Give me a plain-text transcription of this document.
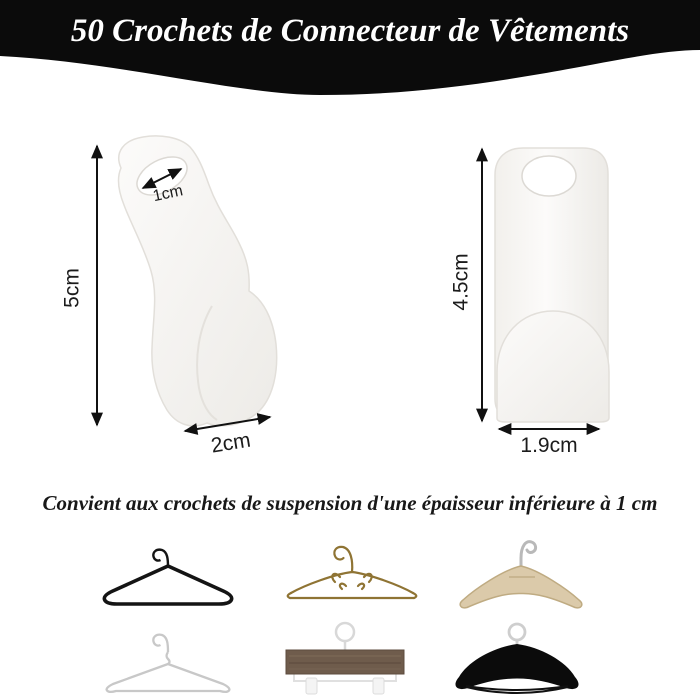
50 Crochets de Connecteur de Vêtements
Convient aux crochets de suspension d'une épaisseur inférieure à 1 cm
5cm
1cm
2cm
4.5cm
1.9cm
